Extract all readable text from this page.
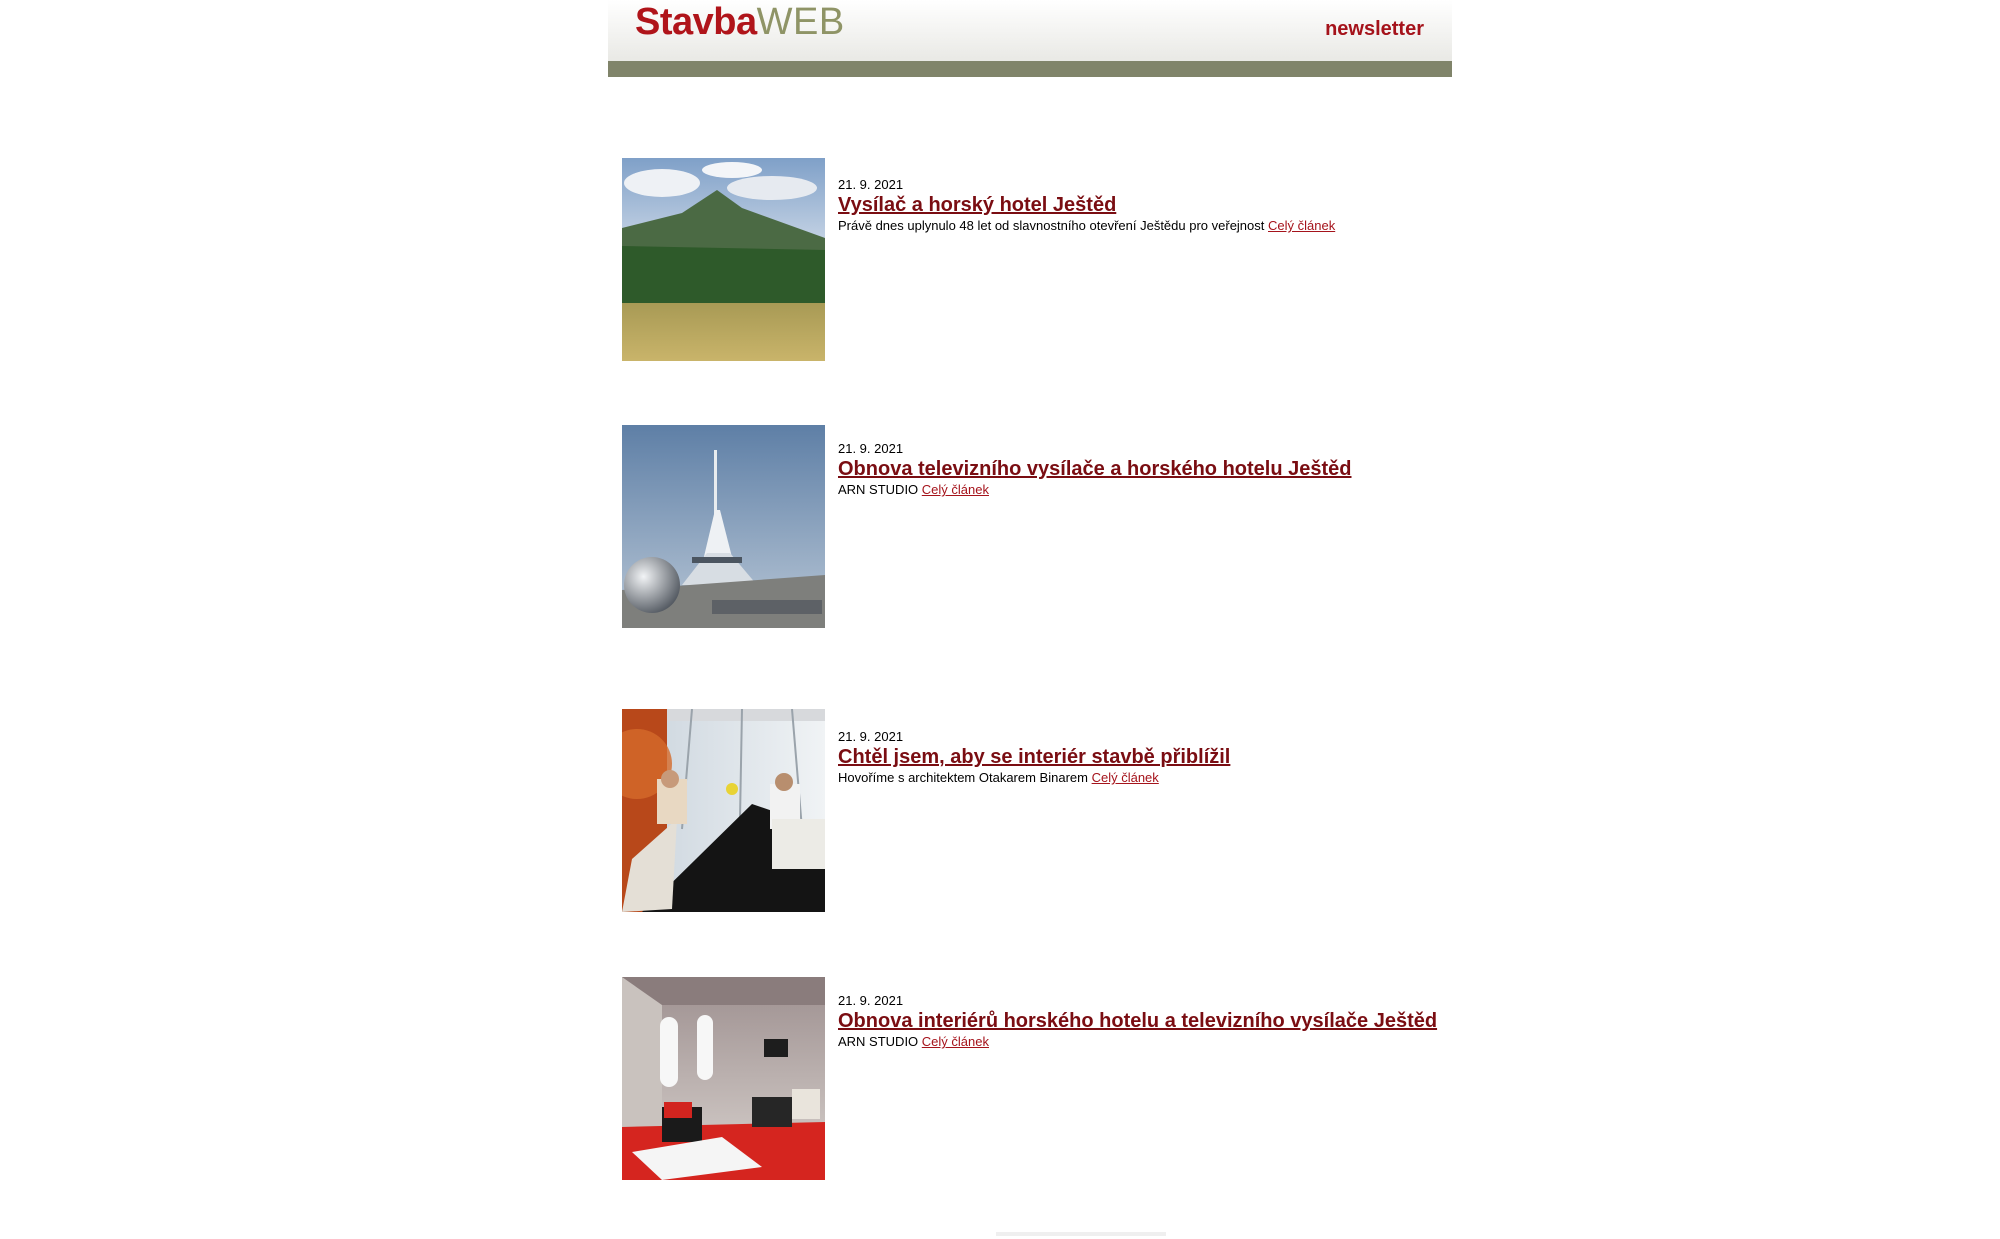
StavbaWEB	newsletter
21. 9. 2021
Vysílač a horský hotel Ještěd
Právě dnes uplynulo 48 let od slavnostního otevření Ještědu pro veřejnost Celý článek
21. 9. 2021
Obnova televizního vysílače a horského hotelu Ještěd
ARN STUDIO Celý článek
21. 9. 2021
Chtěl jsem, aby se interiér stavbě přiblížil
Hovoříme s architektem Otakarem Binarem Celý článek
21. 9. 2021
Obnova interiérů horského hotelu a televizního vysílače Ještěd
ARN STUDIO Celý článek
